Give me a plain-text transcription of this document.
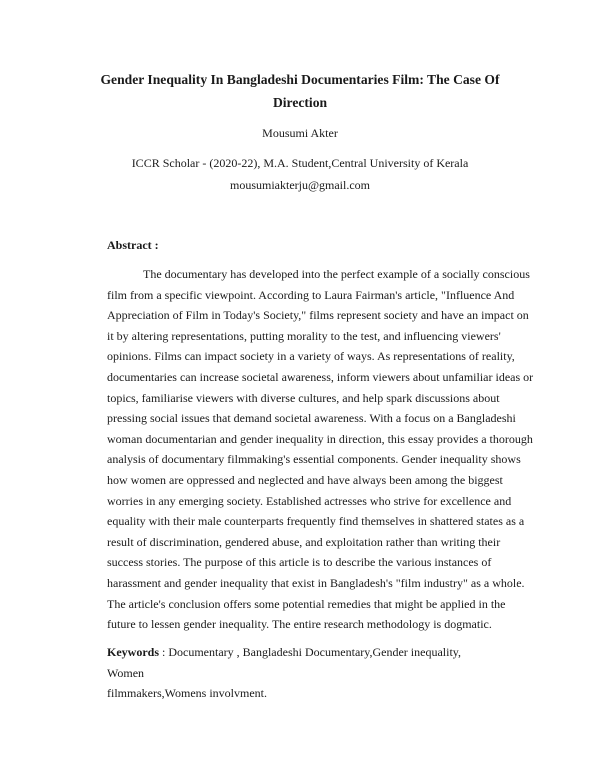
Gender Inequality In Bangladeshi Documentaries Film: The Case Of
Direction
Mousumi Akter
ICCR Scholar - (2020-22), M.A. Student,Central University of Kerala
mousumiakterju@gmail.com
Abstract :
The documentary has developed into the perfect example of a socially conscious
film from a specific viewpoint. According to Laura Fairman's article, "Influence And
Appreciation of Film in Today's Society," films represent society and have an impact on
it by altering representations, putting morality to the test, and influencing viewers'
opinions. Films can impact society in a variety of ways. As representations of reality,
documentaries can increase societal awareness, inform viewers about unfamiliar ideas or
topics, familiarise viewers with diverse cultures, and help spark discussions about
pressing social issues that demand societal awareness. With a focus on a Bangladeshi
woman documentarian and gender inequality in direction, this essay provides a thorough
analysis of documentary filmmaking's essential components. Gender inequality shows
how women are oppressed and neglected and have always been among the biggest
worries in any emerging society. Established actresses who strive for excellence and
equality with their male counterparts frequently find themselves in shattered states as a
result of discrimination, gendered abuse, and exploitation rather than writing their
success stories. The purpose of this article is to describe the various instances of
harassment and gender inequality that exist in Bangladesh's "film industry" as a whole.
The article's conclusion offers some potential remedies that might be applied in the
future to lessen gender inequality. The entire research methodology is dogmatic.
Keywords : Documentary , Bangladeshi Documentary,Gender inequality, Women
filmmakers,Womens involvment.
